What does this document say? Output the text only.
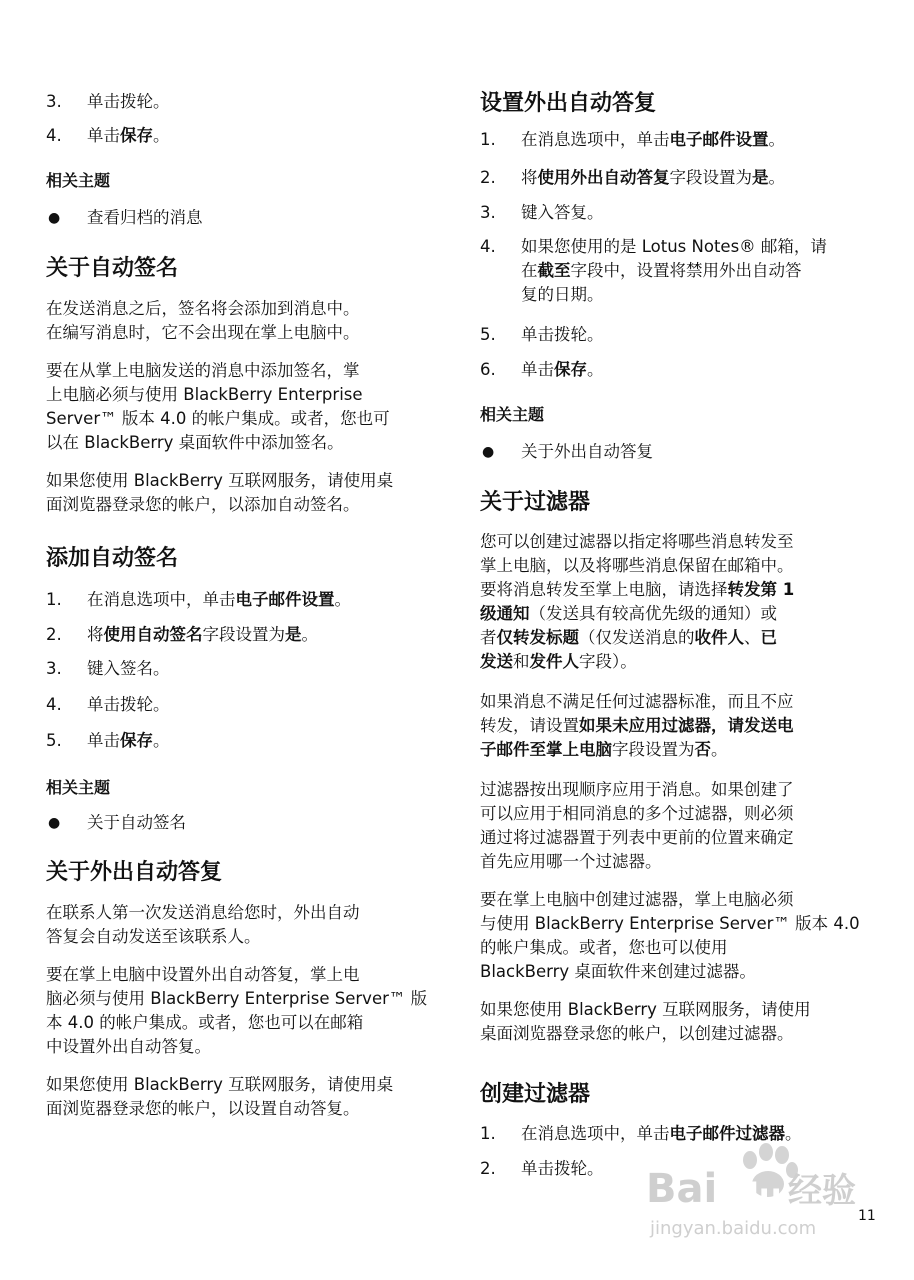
3.	单击拨轮。
4.	单击保存。
相关主题
● 查看归档的消息
关于自动签名

在发送消息之后，签名将会添加到消息中。
在编写消息时，它不会出现在掌上电脑中。

要在从掌上电脑发送的消息中添加签名，掌
上电脑必须与使用 BlackBerry Enterprise
Server™ 版本 4.0 的帐户集成。或者，您也可
以在 BlackBerry 桌面软件中添加签名。

如果您使用 BlackBerry 互联网服务，请使用桌
面浏览器登录您的帐户，以添加自动签名。

添加自动签名
1.	在消息选项中，单击电子邮件设置。
2.	将使用自动签名字段设置为是。
3.	键入签名。
4.	单击拨轮。
5.	单击保存。
相关主题
● 关于自动签名
关于外出自动答复

在联系人第一次发送消息给您时，外出自动
答复会自动发送至该联系人。

要在掌上电脑中设置外出自动答复，掌上电
脑必须与使用 BlackBerry Enterprise Server™ 版
本 4.0 的帐户集成。或者，您也可以在邮箱
中设置外出自动答复。

如果您使用 BlackBerry 互联网服务，请使用桌
面浏览器登录您的帐户，以设置自动答复。

设置外出自动答复
1.	在消息选项中，单击电子邮件设置。
2.	将使用外出自动答复字段设置为是。
3.	键入答复。
4.	如果您使用的是 Lotus Notes® 邮箱，请
在截至字段中，设置将禁用外出自动答
复的日期。
5.	单击拨轮。
6.	单击保存。
相关主题
● 关于外出自动答复
关于过滤器

您可以创建过滤器以指定将哪些消息转发至
掌上电脑，以及将哪些消息保留在邮箱中。
要将消息转发至掌上电脑，请选择转发第 1
级通知（发送具有较高优先级的通知）或
者仅转发标题（仅发送消息的收件人、已
发送和发件人字段）。

如果消息不满足任何过滤器标准，而且不应
转发，请设置如果未应用过滤器，请发送电
子邮件至掌上电脑字段设置为否。

过滤器按出现顺序应用于消息。如果创建了
可以应用于相同消息的多个过滤器，则必须
通过将过滤器置于列表中更前的位置来确定
首先应用哪一个过滤器。

要在掌上电脑中创建过滤器，掌上电脑必须
与使用 BlackBerry Enterprise Server™ 版本 4.0
的帐户集成。或者，您也可以使用
BlackBerry 桌面软件来创建过滤器。

如果您使用 BlackBerry 互联网服务，请使用
桌面浏览器登录您的帐户，以创建过滤器。

创建过滤器
1.	在消息选项中，单击电子邮件过滤器。
2.	单击拨轮。
11
Bai du 经验
jingyan.baidu.com
